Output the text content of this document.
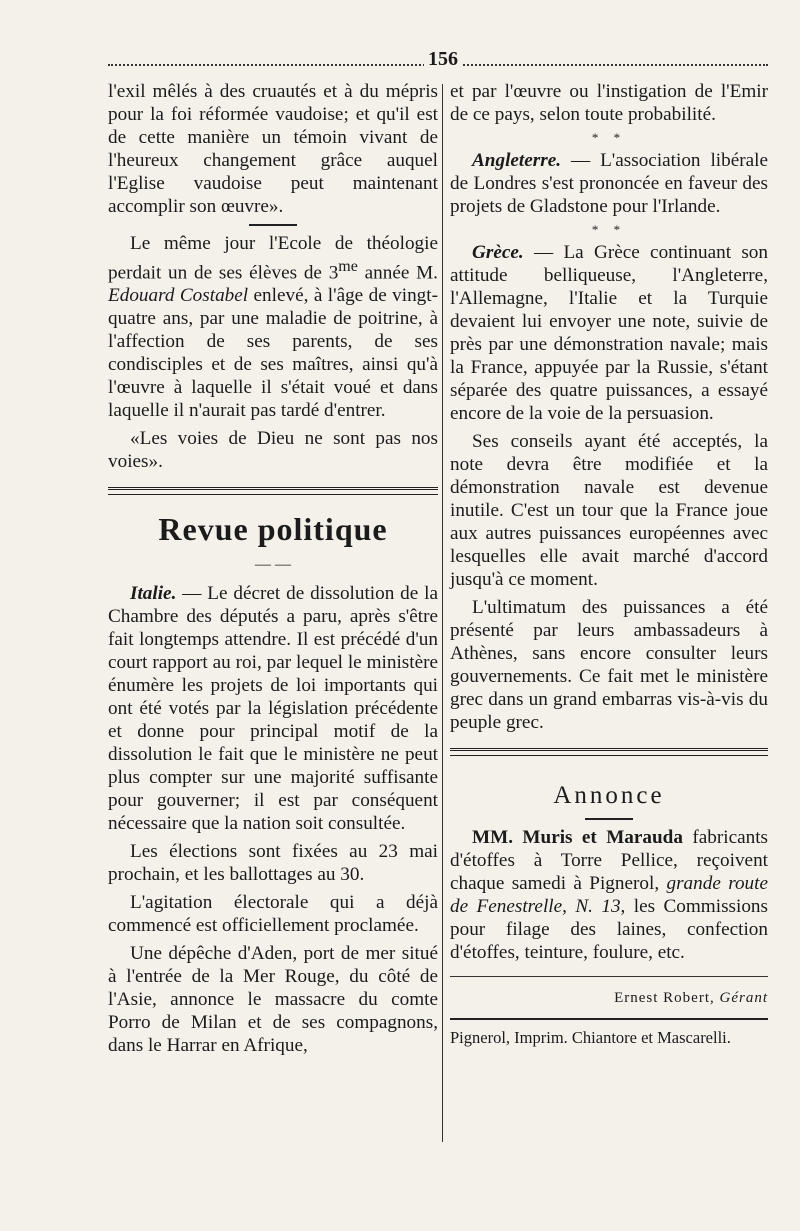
156

l'exil mêlés à des cruautés et à du mépris pour la foi réformée vaudoise; et qu'il est de cette manière un témoin vivant de l'heureux changement grâce auquel l'Eglise vaudoise peut maintenant accomplir son œuvre».

Le même jour l'Ecole de théologie perdait un de ses élèves de $3^{me}$ année M. Edouard Costabel enlevé, à l'âge de vingt-quatre ans, par une maladie de poitrine, à l'affection de ses parents, de ses condisciples et de ses maîtres, ainsi qu'à l'œuvre à laquelle il s'était voué et dans laquelle il n'aurait pas tardé d'entrer.

«Les voies de Dieu ne sont pas nos voies».

Revue politique
— —

Italie. — Le décret de dissolution de la Chambre des députés a paru, après s'être fait longtemps attendre. Il est précédé d'un court rapport au roi, par lequel le ministère énumère les projets de loi importants qui ont été votés par la législation précédente et donne pour principal motif de la dissolution le fait que le ministère ne peut plus compter sur une majorité suffisante pour gouverner; il est par conséquent nécessaire que la nation soit consultée.

Les élections sont fixées au 23 mai prochain, et les ballottages au 30.

L'agitation électorale qui a déjà commencé est officiellement proclamée.

Une dépêche d'Aden, port de mer situé à l'entrée de la Mer Rouge, du côté de l'Asie, annonce le massacre du comte Porro de Milan et de ses compagnons, dans le Harrar en Afrique,

et par l'œuvre ou l'instigation de l'Emir de ce pays, selon toute probabilité.

* *

Angleterre. — L'association libérale de Londres s'est prononcée en faveur des projets de Gladstone pour l'Irlande.

* *

Grèce. — La Grèce continuant son attitude belliqueuse, l'Angleterre, l'Allemagne, l'Italie et la Turquie devaient lui envoyer une note, suivie de près par une démonstration navale; mais la France, appuyée par la Russie, s'étant séparée des quatre puissances, a essayé encore de la voie de la persuasion.

Ses conseils ayant été acceptés, la note devra être modifiée et la démonstration navale est devenue inutile. C'est un tour que la France joue aux autres puissances européennes avec lesquelles elle avait marché d'accord jusqu'à ce moment.

L'ultimatum des puissances a été présenté par leurs ambassadeurs à Athènes, sans encore consulter leurs gouvernements. Ce fait met le ministère grec dans un grand embarras vis-à-vis du peuple grec.

Annonce

MM. Muris et Marauda fabricants d'étoffes à Torre Pellice, reçoivent chaque samedi à Pignerol, grande route de Fenestrelle, N. 13, les Commissions pour filage des laines, confection d'étoffes, teinture, foulure, etc.

Ernest Robert, Gérant
Pignerol, Imprim. Chiantore et Mascarelli.
